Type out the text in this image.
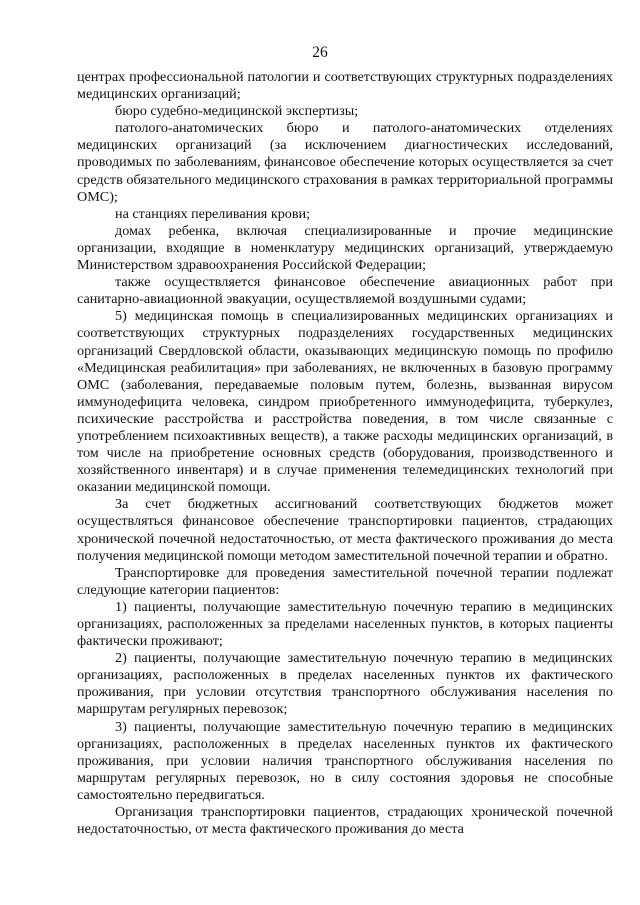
26

центрах профессиональной патологии и соответствующих структурных подразделениях медицинских организаций;

бюро судебно-медицинской экспертизы;

патолого-анатомических бюро и патолого-анатомических отделениях медицинских организаций (за исключением диагностических исследований, проводимых по заболеваниям, финансовое обеспечение которых осуществляется за счет средств обязательного медицинского страхования в рамках территориальной программы ОМС);

на станциях переливания крови;

домах ребенка, включая специализированные и прочие медицинские организации, входящие в номенклатуру медицинских организаций, утверждаемую Министерством здравоохранения Российской Федерации;

также осуществляется финансовое обеспечение авиационных работ при санитарно-авиационной эвакуации, осуществляемой воздушными судами;

5) медицинская помощь в специализированных медицинских организациях и соответствующих структурных подразделениях государственных медицинских организаций Свердловской области, оказывающих медицинскую помощь по профилю «Медицинская реабилитация» при заболеваниях, не включенных в базовую программу ОМС (заболевания, передаваемые половым путем, болезнь, вызванная вирусом иммунодефицита человека, синдром приобретенного иммунодефицита, туберкулез, психические расстройства и расстройства поведения, в том числе связанные с употреблением психоактивных веществ), а также расходы медицинских организаций, в том числе на приобретение основных средств (оборудования, производственного и хозяйственного инвентаря) и в случае применения телемедицинских технологий при оказании медицинской помощи.

За счет бюджетных ассигнований соответствующих бюджетов может осуществляться финансовое обеспечение транспортировки пациентов, страдающих хронической почечной недостаточностью, от места фактического проживания до места получения медицинской помощи методом заместительной почечной терапии и обратно.

Транспортировке для проведения заместительной почечной терапии подлежат следующие категории пациентов:

1) пациенты, получающие заместительную почечную терапию в медицинских организациях, расположенных за пределами населенных пунктов, в которых пациенты фактически проживают;

2) пациенты, получающие заместительную почечную терапию в медицинских организациях, расположенных в пределах населенных пунктов их фактического проживания, при условии отсутствия транспортного обслуживания населения по маршрутам регулярных перевозок;

3) пациенты, получающие заместительную почечную терапию в медицинских организациях, расположенных в пределах населенных пунктов их фактического проживания, при условии наличия транспортного обслуживания населения по маршрутам регулярных перевозок, но в силу состояния здоровья не способные самостоятельно передвигаться.

Организация транспортировки пациентов, страдающих хронической почечной недостаточностью, от места фактического проживания до места
